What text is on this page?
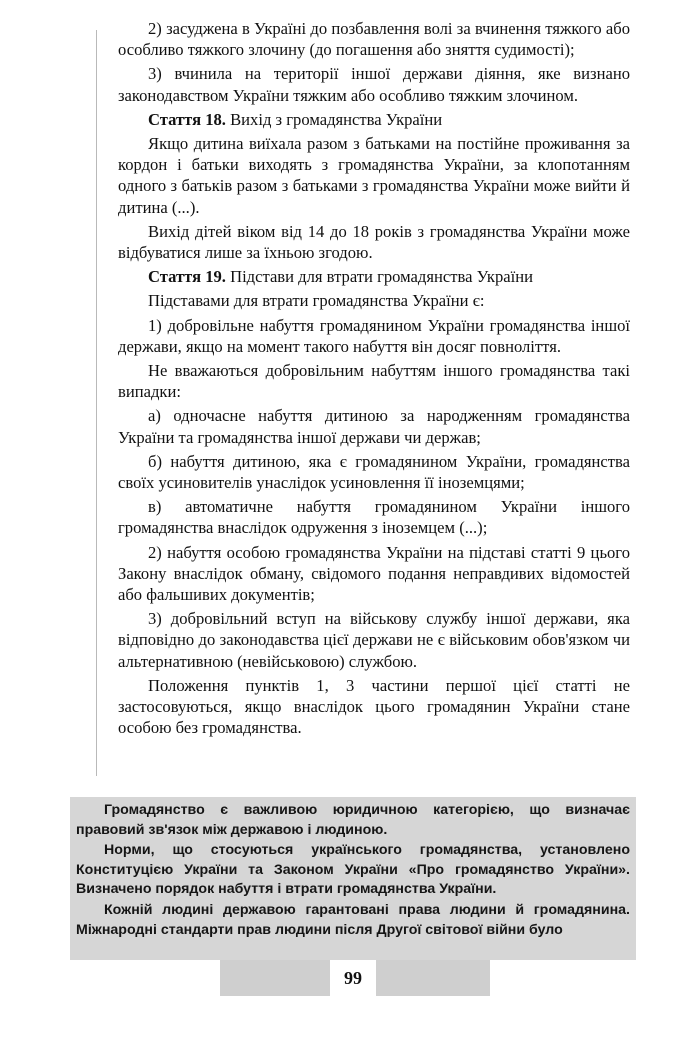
2) засуджена в Україні до позбавлення волі за вчинення тяжкого або особливо тяжкого злочину (до погашення або зняття судимості);

3) вчинила на території іншої держави діяння, яке визнано законодавством України тяжким або особливо тяжким злочином.

Стаття 18. Вихід з громадянства України

Якщо дитина виїхала разом з батьками на постійне проживання за кордон і батьки виходять з громадянства України, за клопотанням одного з батьків разом з батьками з громадянства України може вийти й дитина (...).

Вихід дітей віком від 14 до 18 років з громадянства України може відбуватися лише за їхньою згодою.

Стаття 19. Підстави для втрати громадянства України

Підставами для втрати громадянства України є:

1) добровільне набуття громадянином України громадянства іншої держави, якщо на момент такого набуття він досяг повноліття.

Не вважаються добровільним набуттям іншого громадянства такі випадки:

а) одночасне набуття дитиною за народженням громадянства України та громадянства іншої держави чи держав;

б) набуття дитиною, яка є громадянином України, громадянства своїх усиновителів унаслідок усиновлення її іноземцями;

в) автоматичне набуття громадянином України іншого громадянства внаслідок одруження з іноземцем (...);

2) набуття особою громадянства України на підставі статті 9 цього Закону внаслідок обману, свідомого подання неправдивих відомостей або фальшивих документів;

3) добровільний вступ на військову службу іншої держави, яка відповідно до законодавства цієї держави не є військовим обов'язком чи альтернативною (невійськовою) службою.

Положення пунктів 1, 3 частини першої цієї статті не застосовуються, якщо внаслідок цього громадянин України стане особою без громадянства.

Громадянство є важливою юридичною категорією, що визначає правовий зв'язок між державою і людиною.

Норми, що стосуються українського громадянства, установлено Конституцією України та Законом України «Про громадянство України». Визначено порядок набуття і втрати громадянства України.

Кожній людині державою гарантовані права людини й громадянина. Міжнародні стандарти прав людини після Другої світової війни було

99
